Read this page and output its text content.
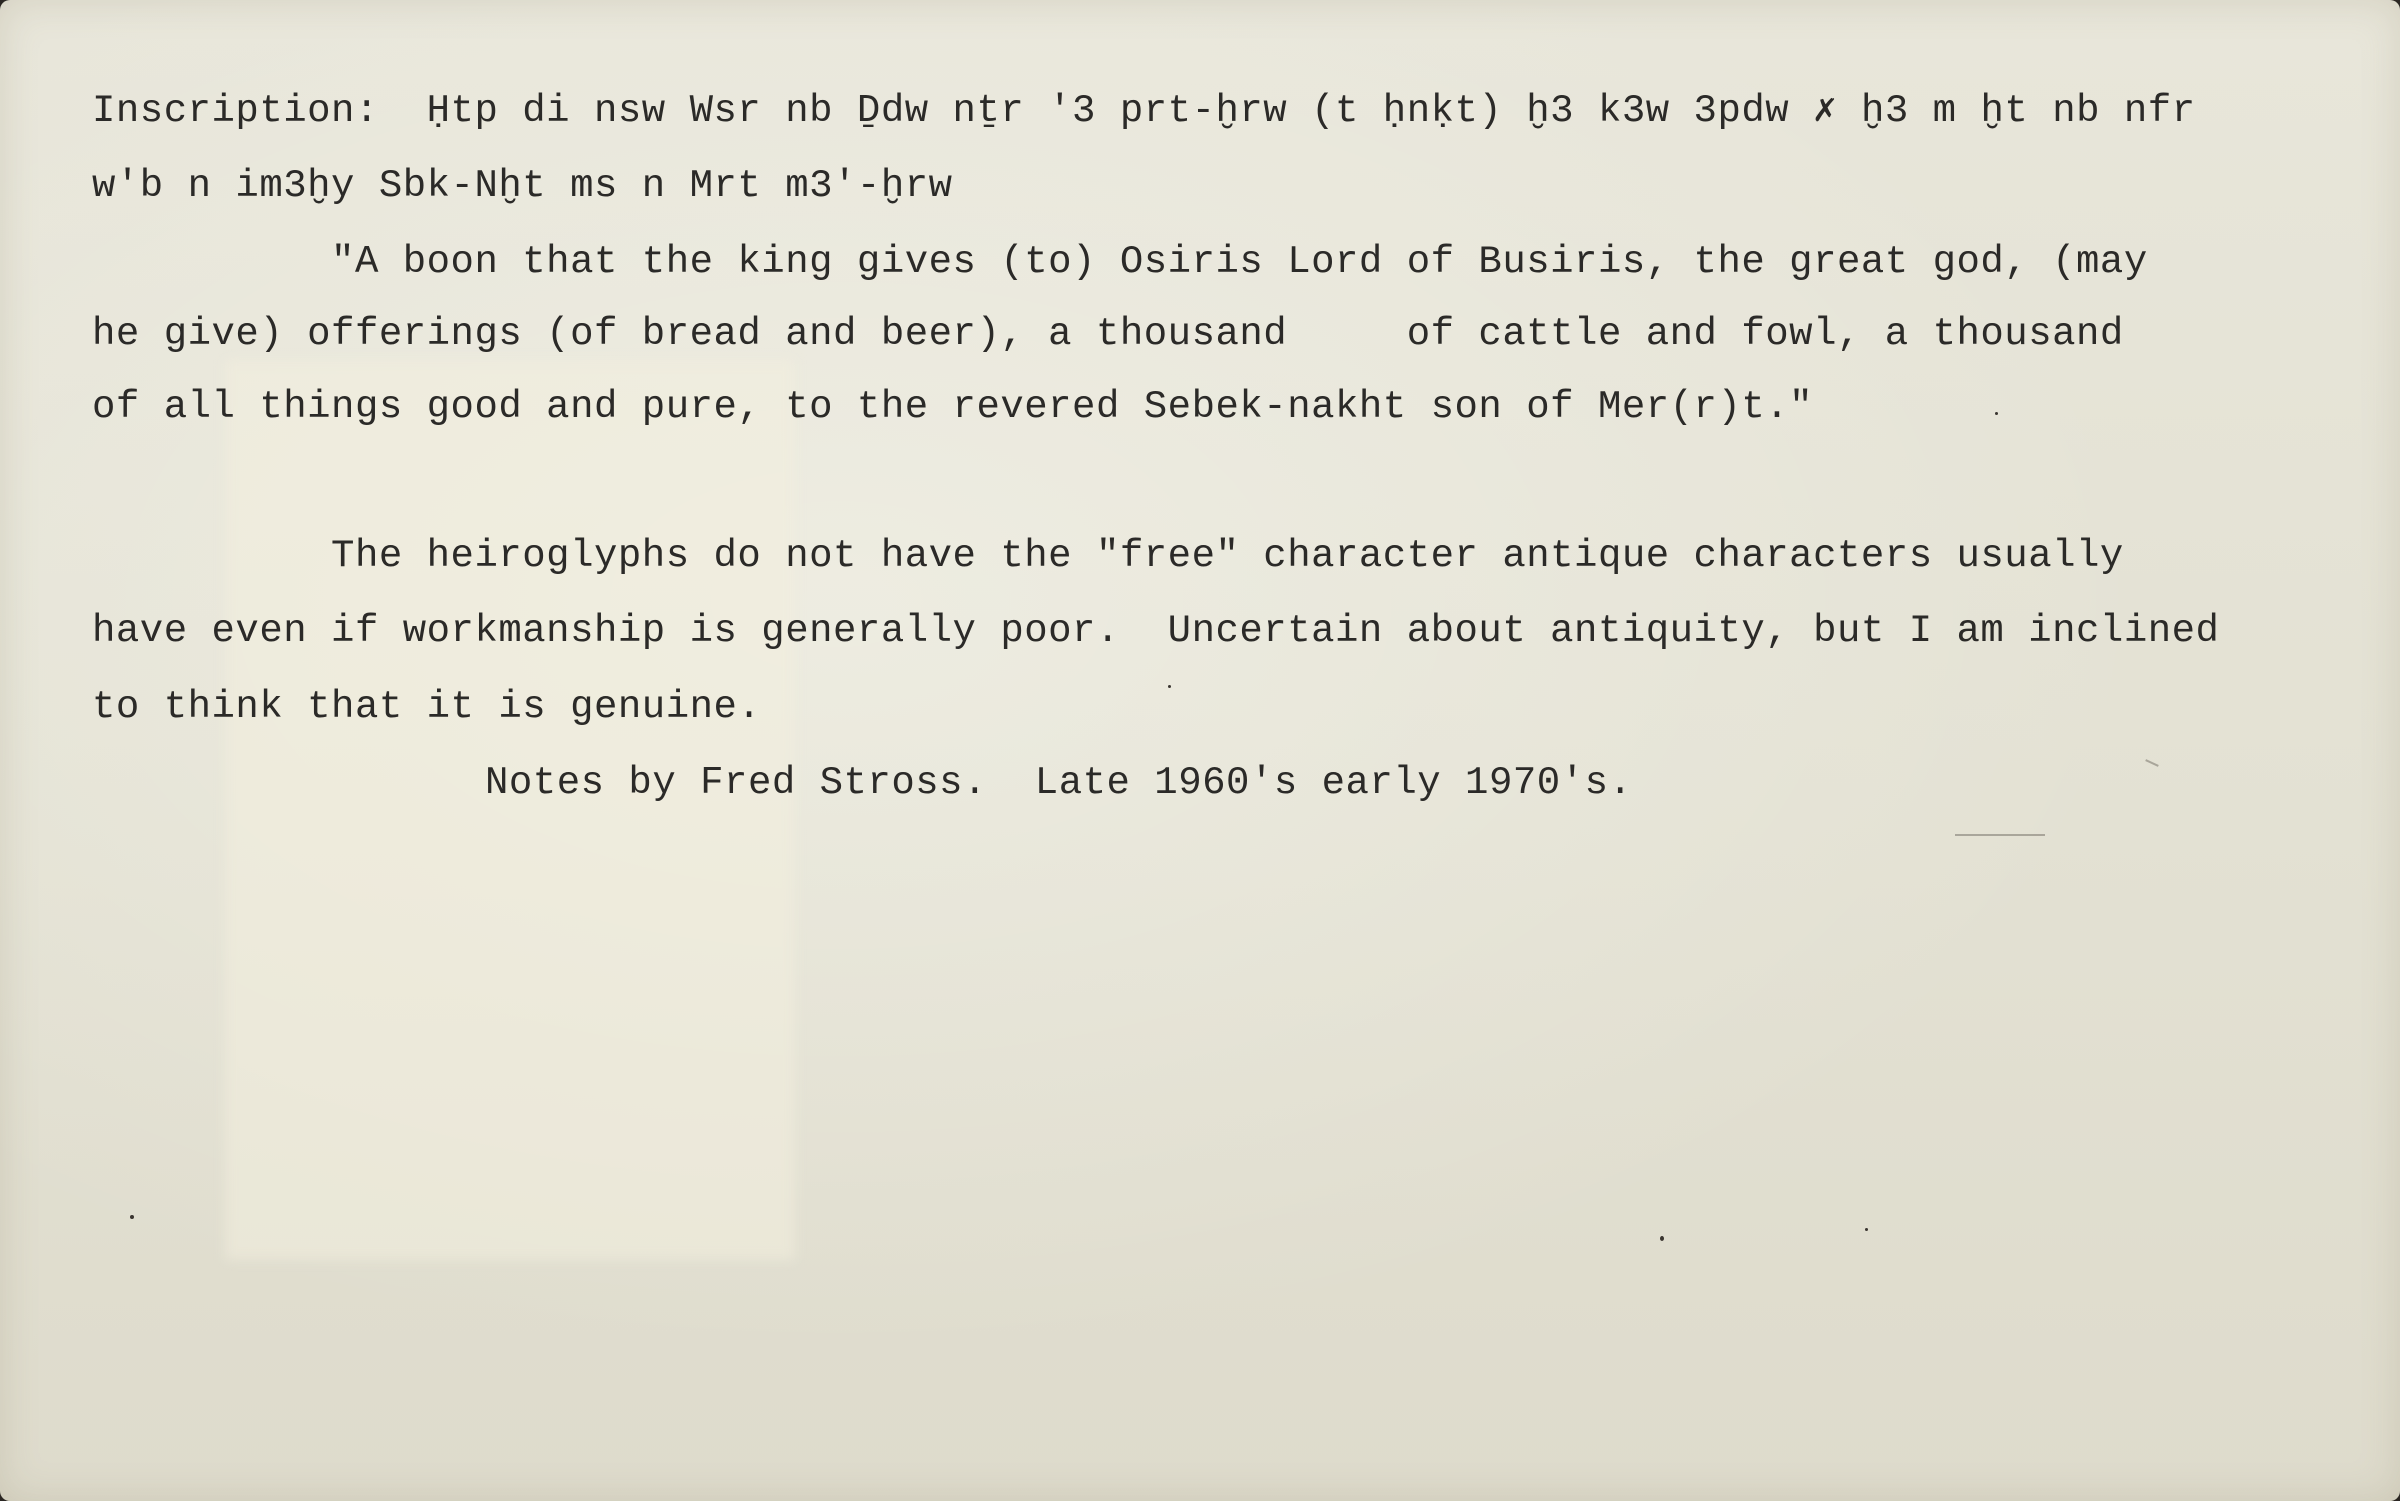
Inscription:  Ḥtp di nsw Wsr nb Ḏdw nṯr '3 prt-ḫrw (t ḥnḳt) ḫ3 k3w 3pdw ✗ ḫ3 m ḫt nb nfr
w'b n im3ḫy Sbk-Nḫt ms n Mrt m3'-ḫrw
"A boon that the king gives (to) Osiris Lord of Busiris, the great god, (may
he give) offerings (of bread and beer), a thousand     of cattle and fowl, a thousand
of all things good and pure, to the revered Sebek-nakht son of Mer(r)t."
The heiroglyphs do not have the "free" character antique characters usually
have even if workmanship is generally poor.  Uncertain about antiquity, but I am inclined
to think that it is genuine.
Notes by Fred Stross.  Late 1960's early 1970's.
